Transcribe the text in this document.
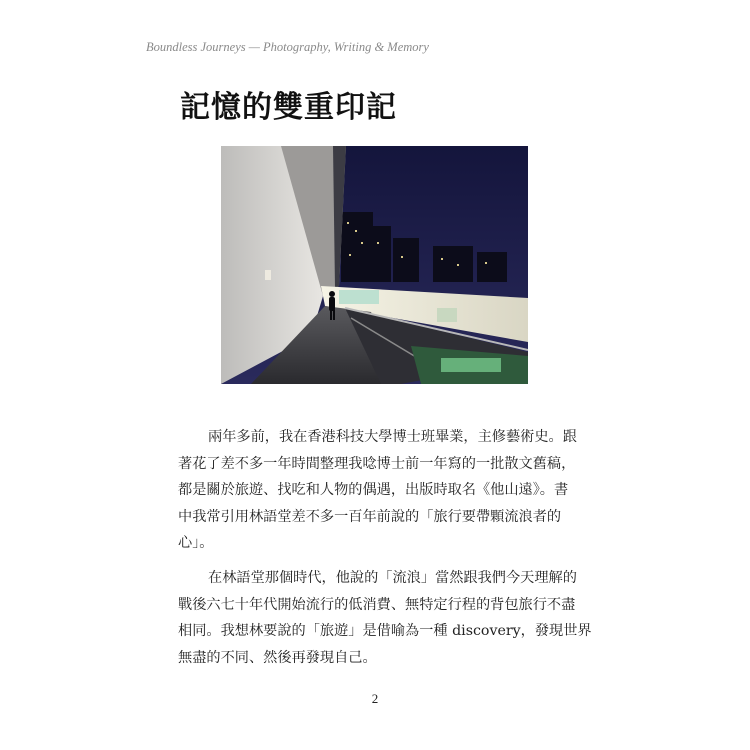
Boundless Journeys — Photography, Writing & Memory
記憶的雙重印記
兩年多前，我在香港科技大學博士班畢業，主修藝術史。跟
著花了差不多一年時間整理我唸博士前一年寫的一批散文舊稿，
都是關於旅遊、找吃和人物的偶遇，出版時取名《他山遠》。書
中我常引用林語堂差不多一百年前說的「旅行要帶顆流浪者的
心」。
在林語堂那個時代，他說的「流浪」當然跟我們今天理解的
戰後六七十年代開始流行的低消費、無特定行程的背包旅行不盡
相同。我想林要說的「旅遊」是借喻為一種 discovery，發現世界
無盡的不同、然後再發現自己。
2
